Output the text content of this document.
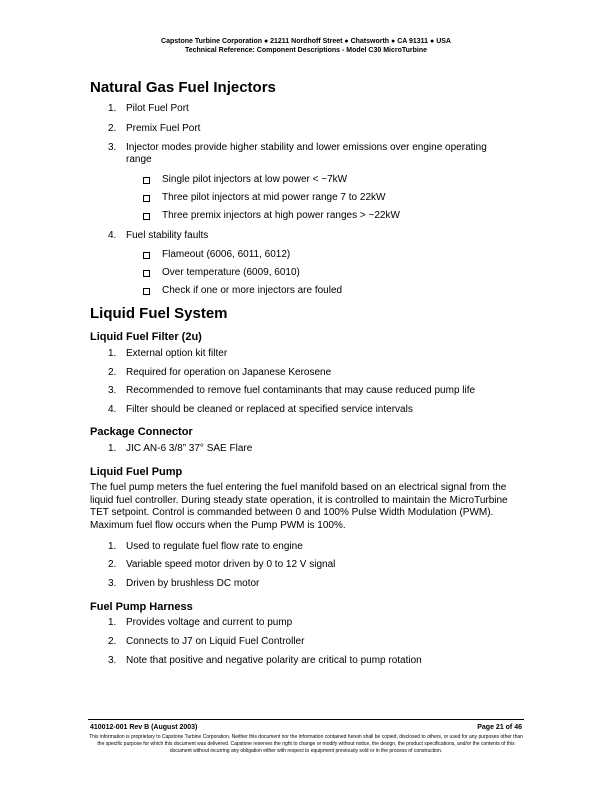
Capstone Turbine Corporation ● 21211 Nordhoff Street ● Chatsworth ● CA 91311 ● USA
Technical Reference: Component Descriptions - Model C30 MicroTurbine
Natural Gas Fuel Injectors
1. Pilot Fuel Port
2. Premix Fuel Port
3. Injector modes provide higher stability and lower emissions over engine operating range
Single pilot injectors at low power < ~7kW
Three pilot injectors at mid power range 7 to 22kW
Three premix injectors at high power ranges > ~22kW
4. Fuel stability faults
Flameout (6006, 6011, 6012)
Over temperature (6009, 6010)
Check if one or more injectors are fouled
Liquid Fuel System
Liquid Fuel Filter (2u)
1. External option kit filter
2. Required for operation on Japanese Kerosene
3. Recommended to remove fuel contaminants that may cause reduced pump life
4. Filter should be cleaned or replaced at specified service intervals
Package Connector
1. JIC AN-6 3/8” 37° SAE Flare
Liquid Fuel Pump
The fuel pump meters the fuel entering the fuel manifold based on an electrical signal from the liquid fuel controller. During steady state operation, it is controlled to maintain the MicroTurbine TET setpoint. Control is commanded between 0 and 100% Pulse Width Modulation (PWM). Maximum fuel flow occurs when the Pump PWM is 100%.
1. Used to regulate fuel flow rate to engine
2. Variable speed motor driven by 0 to 12 V signal
3. Driven by brushless DC motor
Fuel Pump Harness
1. Provides voltage and current to pump
2. Connects to J7 on Liquid Fuel Controller
3. Note that positive and negative polarity are critical to pump rotation
410012-001 Rev B (August 2003)	Page 21 of 46
This information is proprietary to Capstone Turbine Corporation. Neither this document nor the information contained herein shall be copied, disclosed to others, or used for any purposes other than the specific purpose for which this document was delivered. Capstone reserves the right to change or modify without notice, the design, the product specifications, and/or the contents of this document without incurring any obligation either with respect to equipment previously sold or in the process of construction.
